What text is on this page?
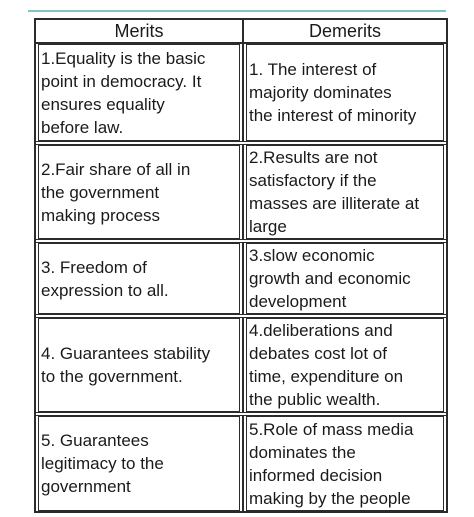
Merits	Demerits
1.Equality is the basic
point in democracy. It
ensures equality
before law.
1. The interest of
majority dominates
the interest of minority
2.Fair share of all in
the government
making process
2.Results are not
satisfactory if the
masses are illiterate at
large
3. Freedom of
expression to all.
3.slow economic
growth and economic
development
4. Guarantees stability
to the government.
4.deliberations and
debates cost lot of
time, expenditure on
the public wealth.
5. Guarantees
legitimacy to the
government
5.Role of mass media
dominates the
informed decision
making by the people
